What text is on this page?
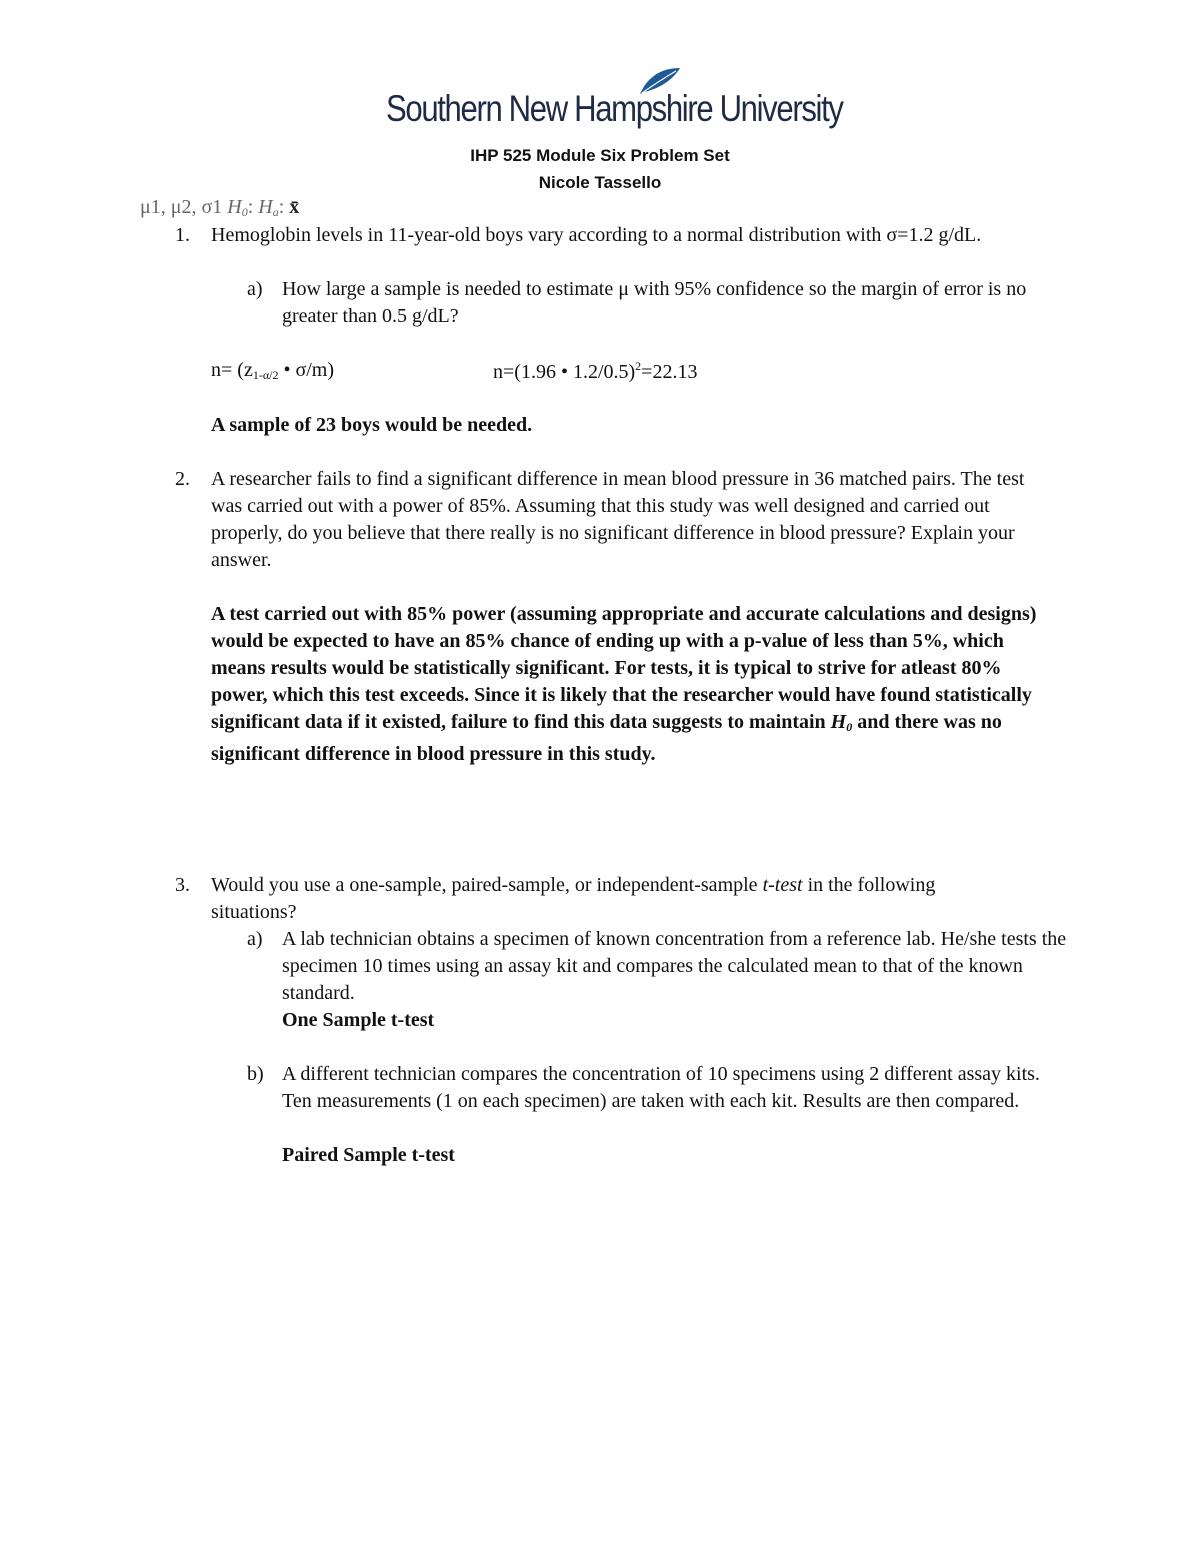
Southern New Hampshire University
IHP 525 Module Six Problem Set
Nicole Tassello
μ1, μ2, σ1 $H_0$: $H_a$: x̄
1. Hemoglobin levels in 11-year-old boys vary according to a normal distribution with σ=1.2 g/dL.
a) How large a sample is needed to estimate μ with 95% confidence so the margin of error is no greater than 0.5 g/dL?
$n= (z_{1-\alpha/2}$ • σ/m)	n=(1.96 • 1.2/0.5)$^2$=22.13
A sample of 23 boys would be needed.
2. A researcher fails to find a significant difference in mean blood pressure in 36 matched pairs. The test was carried out with a power of 85%. Assuming that this study was well designed and carried out properly, do you believe that there really is no significant difference in blood pressure? Explain your answer.
A test carried out with 85% power (assuming appropriate and accurate calculations and designs) would be expected to have an 85% chance of ending up with a p-value of less than 5%, which means results would be statistically significant. For tests, it is typical to strive for atleast 80% power, which this test exceeds. Since it is likely that the researcher would have found statistically significant data if it existed, failure to find this data suggests to maintain $H_0$ and there was no significant difference in blood pressure in this study.
3. Would you use a one-sample, paired-sample, or independent-sample t-test in the following situations?
a) A lab technician obtains a specimen of known concentration from a reference lab. He/she tests the specimen 10 times using an assay kit and compares the calculated mean to that of the known standard.
One Sample t-test
b) A different technician compares the concentration of 10 specimens using 2 different assay kits. Ten measurements (1 on each specimen) are taken with each kit. Results are then compared.
Paired Sample t-test
